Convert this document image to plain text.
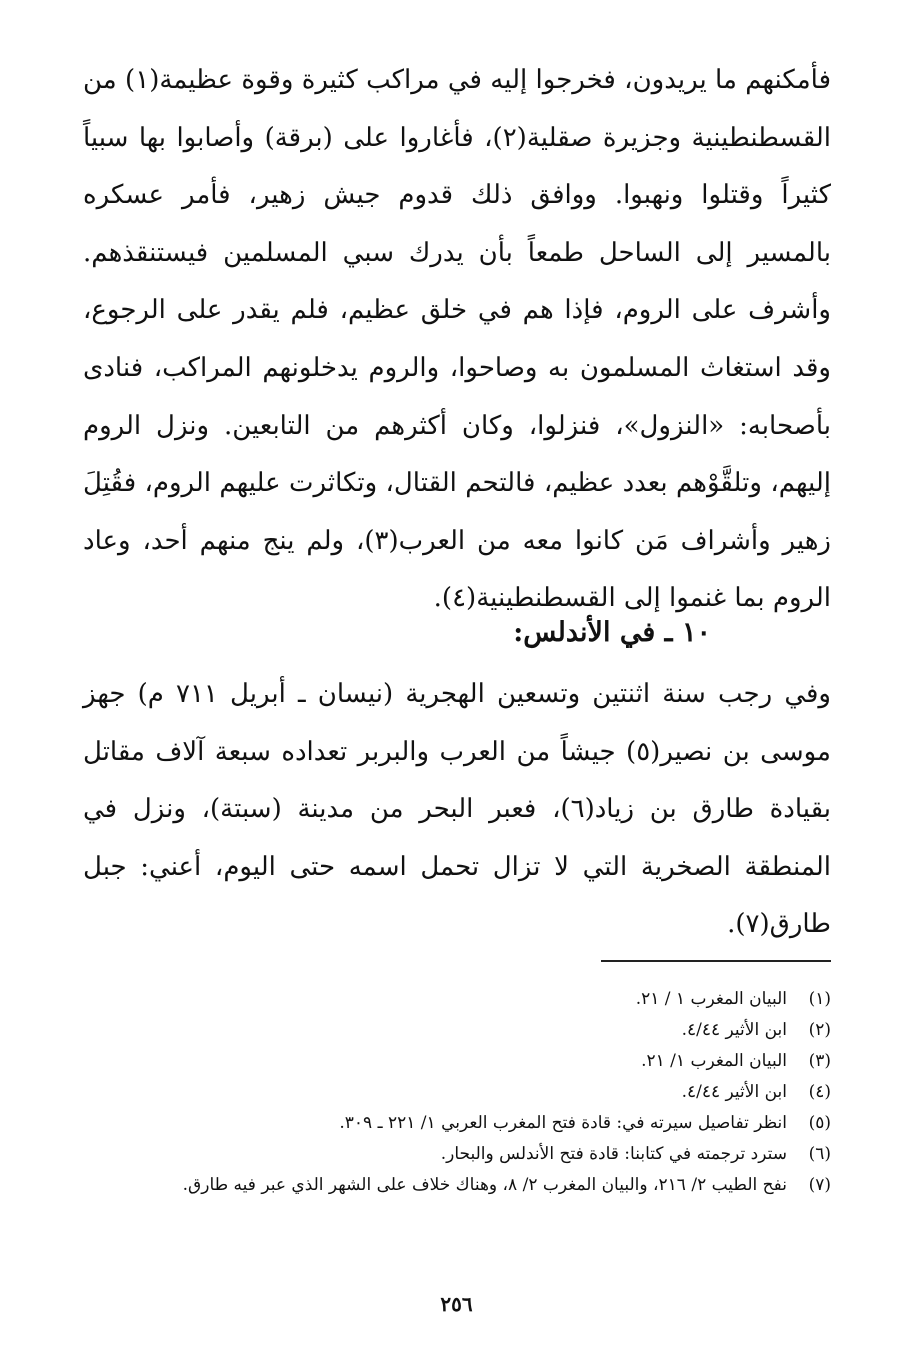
فأمكنهم ما يريدون، فخرجوا إليه في مراكب كثيرة وقوة عظيمة(١) من القسطنطينية وجزيرة صقلية(٢)، فأغاروا على (برقة) وأصابوا بها سبياً كثيراً وقتلوا ونهبوا. ووافق ذلك قدوم جيش زهير، فأمر عسكره بالمسير إلى الساحل طمعاً بأن يدرك سبي المسلمين فيستنقذهم. وأشرف على الروم، فإذا هم في خلق عظيم، فلم يقدر على الرجوع، وقد استغاث المسلمون به وصاحوا، والروم يدخلونهم المراكب، فنادى بأصحابه: «النزول»، فنزلوا، وكان أكثرهم من التابعين. ونزل الروم إليهم، وتلقَّوْهم بعدد عظيم، فالتحم القتال، وتكاثرت عليهم الروم، فقُتِلَ زهير وأشراف مَن كانوا معه من العرب(٣)، ولم ينج منهم أحد، وعاد الروم بما غنموا إلى القسطنطينية(٤).

١٠ ـ في الأندلس:

وفي رجب سنة اثنتين وتسعين الهجرية (نيسان ـ أبريل ٧١١ م) جهز موسى بن نصير(٥) جيشاً من العرب والبربر تعداده سبعة آلاف مقاتل بقيادة طارق بن زياد(٦)، فعبر البحر من مدينة (سبتة)، ونزل في المنطقة الصخرية التي لا تزال تحمل اسمه حتى اليوم، أعني: جبل طارق(٧).

(١)
البيان المغرب ١ / ٢١.
(٢)
ابن الأثير ٤/٤٤.
(٣)
البيان المغرب ١/ ٢١.
(٤)
ابن الأثير ٤/٤٤.
(٥)
انظر تفاصيل سيرته في: قادة فتح المغرب العربي ١/ ٢٢١ ـ ٣٠٩.
(٦)
سترد ترجمته في كتابنا: قادة فتح الأندلس والبحار.
(٧)
نفح الطيب ٢/ ٢١٦، والبيان المغرب ٢/ ٨، وهناك خلاف على الشهر الذي عبر فيه طارق.
٢٥٦
